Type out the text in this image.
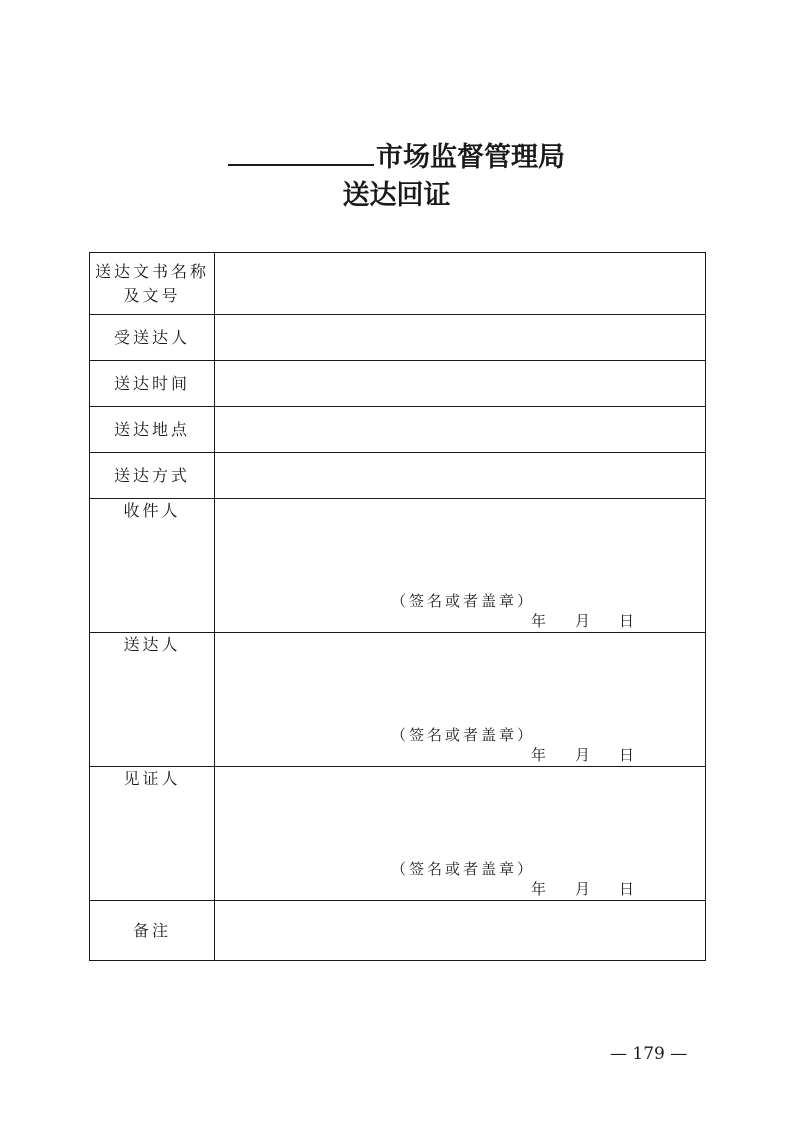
市场监督管理局
送达回证
送达文书名称
及文号	

受送达人	
送达时间	
送达地点	
送达方式	
收件人	（签名或者盖章）
年 月 日

送达人	（签名或者盖章）
年 月 日

见证人	（签名或者盖章）
年 月 日

备注	
— 179 —
